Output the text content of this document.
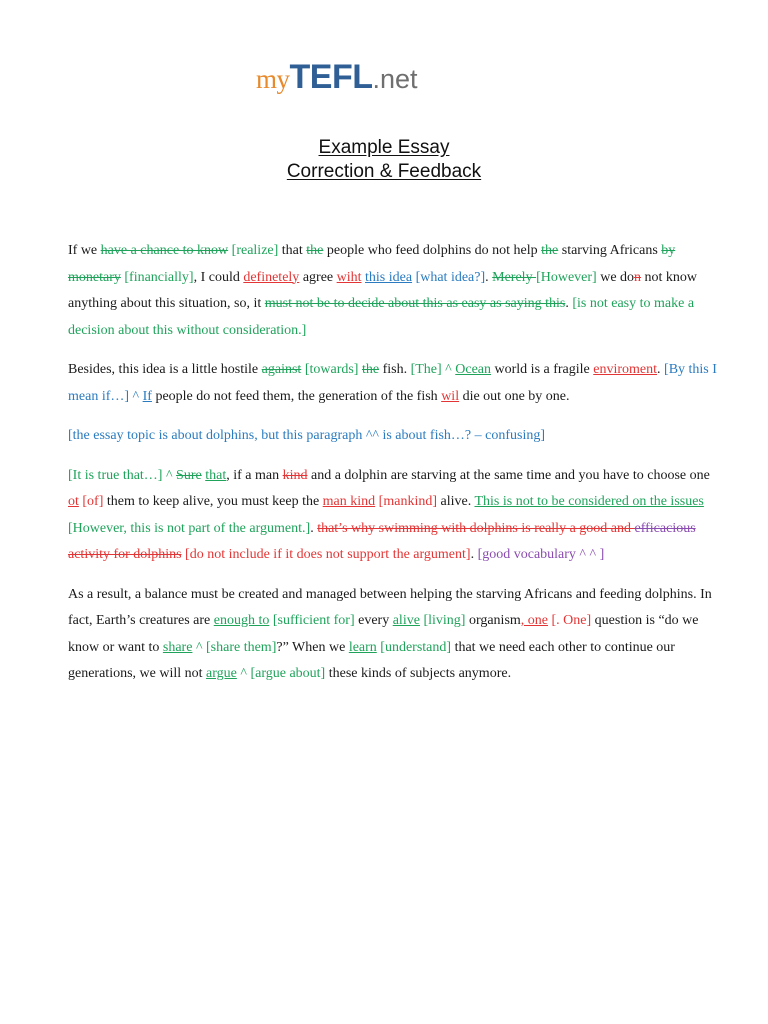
myTEFL.net
Example Essay
Correction & Feedback

If we have a chance to know [realize] that the people who feed dolphins do not help the starving Africans by monetary [financially], I could definetely agree wiht this idea [what idea?]. Merely [However] we don not know anything about this situation, so, it must not be to decide about this as easy as saying this. [is not easy to make a decision about this without consideration.]

Besides, this idea is a little hostile against [towards] the fish. [The] ^ Ocean world is a fragile enviroment. [By this I mean if…] ^ If people do not feed them, the generation of the fish wil die out one by one.

[the essay topic is about dolphins, but this paragraph ^^ is about fish…? – confusing]

[It is true that…] ^ Sure that, if a man kind and a dolphin are starving at the same time and you have to choose one ot [of] them to keep alive, you must keep the man kind [mankind] alive. This is not to be considered on the issues [However, this is not part of the argument.]. that’s why swimming with dolphins is really a good and efficacious activity for dolphins [do not include if it does not support the argument]. [good vocabulary ^ ^ ]

As a result, a balance must be created and managed between helping the starving Africans and feeding dolphins. In fact, Earth’s creatures are enough to [sufficient for] every alive [living] organism, one [. One] question is “do we know or want to share ^ [share them]?” When we learn [understand] that we need each other to continue our generations, we will not argue ^ [argue about] these kinds of subjects anymore.
